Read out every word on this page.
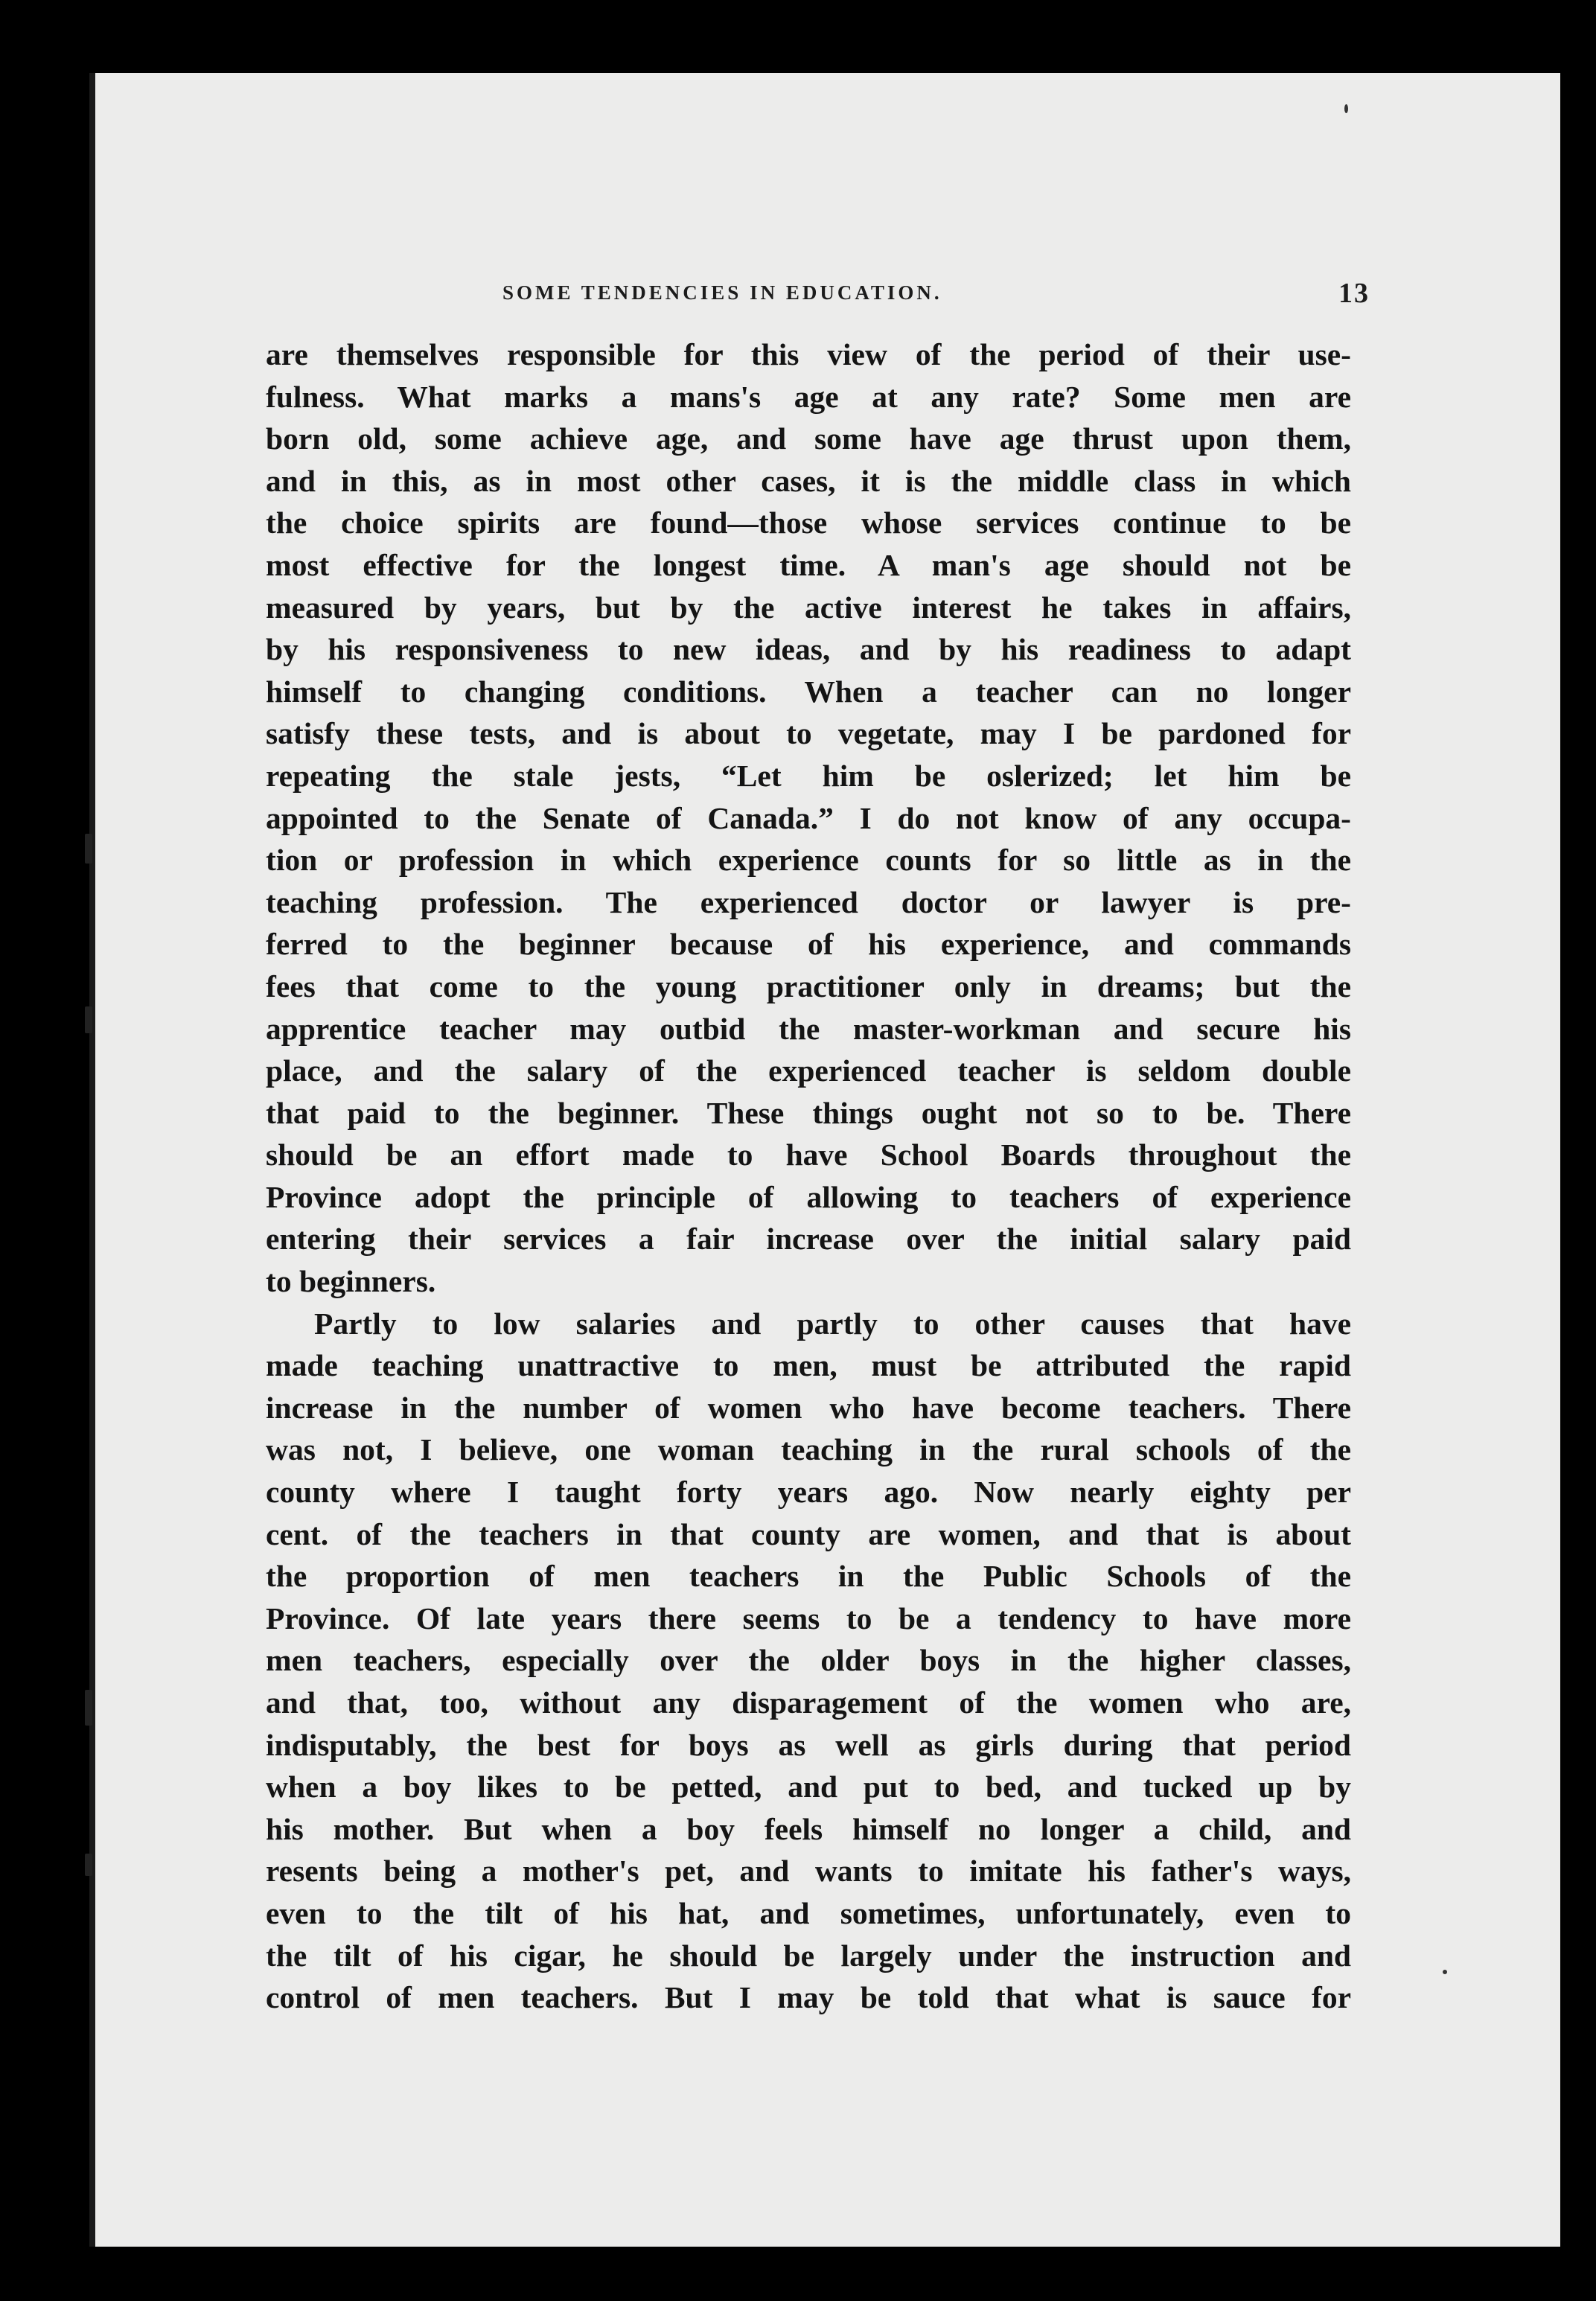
SOME TENDENCIES IN EDUCATION.	13
are themselves responsible for this view of the period of their use-
fulness. What marks a mans's age at any rate? Some men are
born old, some achieve age, and some have age thrust upon them,
and in this, as in most other cases, it is the middle class in which
the choice spirits are found—those whose services continue to be
most effective for the longest time. A man's age should not be
measured by years, but by the active interest he takes in affairs,
by his responsiveness to new ideas, and by his readiness to adapt
himself to changing conditions. When a teacher can no longer
satisfy these tests, and is about to vegetate, may I be pardoned for
repeating the stale jests, “Let him be oslerized; let him be
appointed to the Senate of Canada.” I do not know of any occupa-
tion or profession in which experience counts for so little as in the
teaching profession. The experienced doctor or lawyer is pre-
ferred to the beginner because of his experience, and commands
fees that come to the young practitioner only in dreams; but the
apprentice teacher may outbid the master-workman and secure his
place, and the salary of the experienced teacher is seldom double
that paid to the beginner. These things ought not so to be. There
should be an effort made to have School Boards throughout the
Province adopt the principle of allowing to teachers of experience
entering their services a fair increase over the initial salary paid
to beginners.
Partly to low salaries and partly to other causes that have
made teaching unattractive to men, must be attributed the rapid
increase in the number of women who have become teachers. There
was not, I believe, one woman teaching in the rural schools of the
county where I taught forty years ago. Now nearly eighty per
cent. of the teachers in that county are women, and that is about
the proportion of men teachers in the Public Schools of the
Province. Of late years there seems to be a tendency to have more
men teachers, especially over the older boys in the higher classes,
and that, too, without any disparagement of the women who are,
indisputably, the best for boys as well as girls during that period
when a boy likes to be petted, and put to bed, and tucked up by
his mother. But when a boy feels himself no longer a child, and
resents being a mother's pet, and wants to imitate his father's ways,
even to the tilt of his hat, and sometimes, unfortunately, even to
the tilt of his cigar, he should be largely under the instruction and
control of men teachers. But I may be told that what is sauce for
